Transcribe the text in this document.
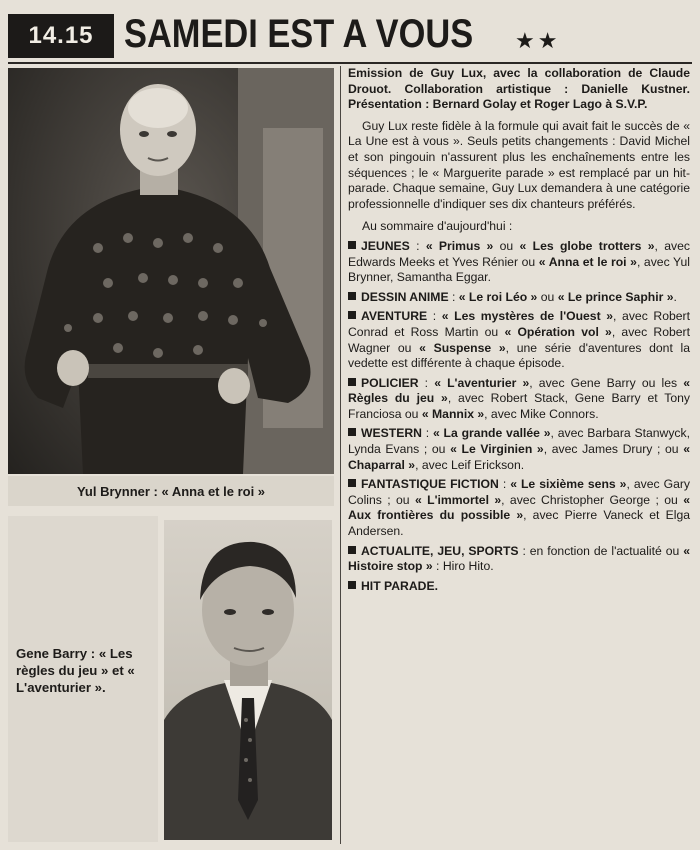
14.15 SAMEDI EST A VOUS ★★
Yul Brynner : « Anna et le roi »
Gene Barry : « Les règles du jeu » et « L'aventurier ».

Emission de Guy Lux, avec la collaboration de Claude Drouot. Collaboration artistique : Danielle Kustner. Présentation : Bernard Golay et Roger Lago à S.V.P.

Guy Lux reste fidèle à la formule qui avait fait le succès de « La Une est à vous ». Seuls petits changements : David Michel et son pingouin n'assurent plus les enchaînements entre les séquences ; le « Marguerite parade » est remplacé par un hit-parade. Chaque semaine, Guy Lux demandera à une catégorie professionnelle d'indiquer ses dix chanteurs préférés.

Au sommaire d'aujourd'hui :

JEUNES : « Primus » ou « Les globe trotters », avec Edwards Meeks et Yves Rénier ou « Anna et le roi », avec Yul Brynner, Samantha Eggar.

DESSIN ANIME : « Le roi Léo » ou « Le prince Saphir ».

AVENTURE : « Les mystères de l'Ouest », avec Robert Conrad et Ross Martin ou « Opération vol », avec Robert Wagner ou « Suspense », une série d'aventures dont la vedette est différente à chaque épisode.

POLICIER : « L'aventurier », avec Gene Barry ou les « Règles du jeu », avec Robert Stack, Gene Barry et Tony Franciosa ou « Mannix », avec Mike Connors.

WESTERN : « La grande vallée », avec Barbara Stanwyck, Lynda Evans ; ou « Le Virginien », avec James Drury ; ou « Chaparral », avec Leif Erickson.

FANTASTIQUE FICTION : « Le sixième sens », avec Gary Colins ; ou « L'immortel », avec Christopher George ; ou « Aux frontières du possible », avec Pierre Vaneck et Elga Andersen.

ACTUALITE, JEU, SPORTS : en fonction de l'actualité ou « Histoire stop » : Hiro Hito.

HIT PARADE.
